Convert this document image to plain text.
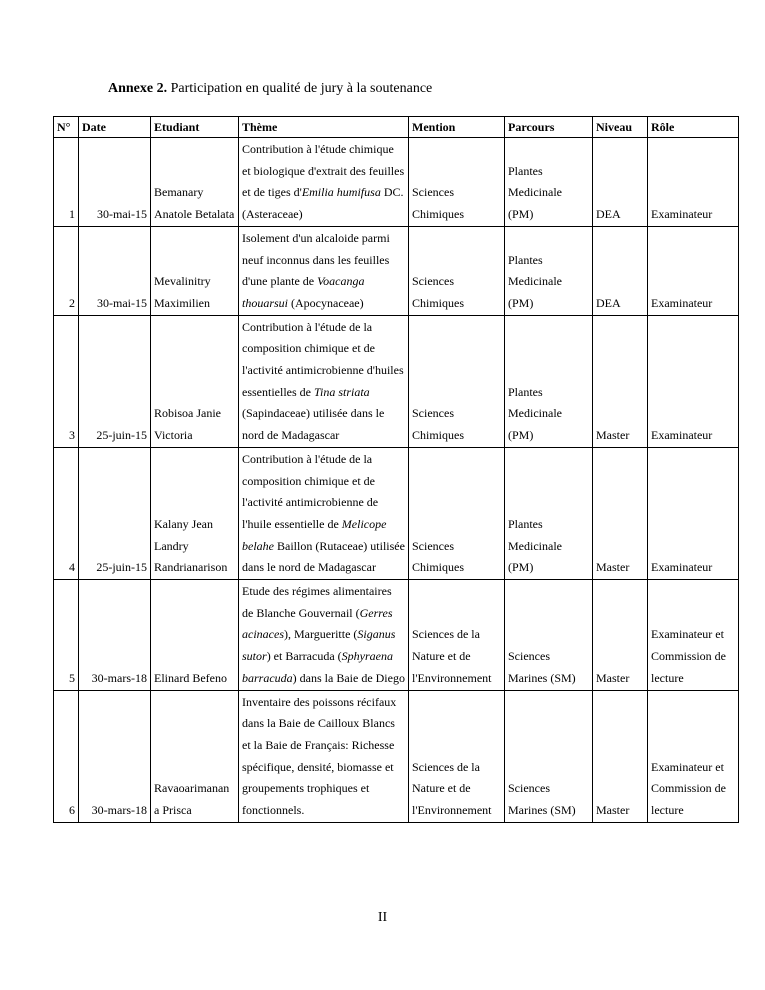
Annexe 2. Participation en qualité de jury à la soutenance
N°	Date	Etudiant	Thème	Mention	Parcours	Niveau	Rôle
1	30-mai-15	Bemanary Anatole Betalata	Contribution à l'étude chimique et biologique d'extrait des feuilles et de tiges d'Emilia humifusa DC. (Asteraceae)	Sciences Chimiques	Plantes Medicinale (PM)	DEA	Examinateur
2	30-mai-15	Mevalinitry Maximilien	Isolement d'un alcaloide parmi neuf inconnus dans les feuilles d'une plante de Voacanga thouarsui (Apocynaceae)	Sciences Chimiques	Plantes Medicinale (PM)	DEA	Examinateur
3	25-juin-15	Robisoa Janie Victoria	Contribution à l'étude de la composition chimique et de l'activité antimicrobienne d'huiles essentielles de Tina striata (Sapindaceae) utilisée dans le nord de Madagascar	Sciences Chimiques	Plantes Medicinale (PM)	Master	Examinateur
4	25-juin-15	Kalany Jean Landry Randrianarison	Contribution à l'étude de la composition chimique et de l'activité antimicrobienne de l'huile essentielle de Melicope belahe Baillon (Rutaceae) utilisée dans le nord de Madagascar	Sciences Chimiques	Plantes Medicinale (PM)	Master	Examinateur
5	30-mars-18	Elinard Befeno	Etude des régimes alimentaires de Blanche Gouvernail (Gerres acinaces), Margueritte (Siganus sutor) et Barracuda (Sphyraena barracuda) dans la Baie de Diego	Sciences de la Nature et de l'Environnement	Sciences Marines (SM)	Master	Examinateur et Commission de lecture
6	30-mars-18	Ravaoarimanan a Prisca	Inventaire des poissons récifaux dans la Baie de Cailloux Blancs et la Baie de Français: Richesse spécifique, densité, biomasse et groupements trophiques et fonctionnels.	Sciences de la Nature et de l'Environnement	Sciences Marines (SM)	Master	Examinateur et Commission de lecture
II
